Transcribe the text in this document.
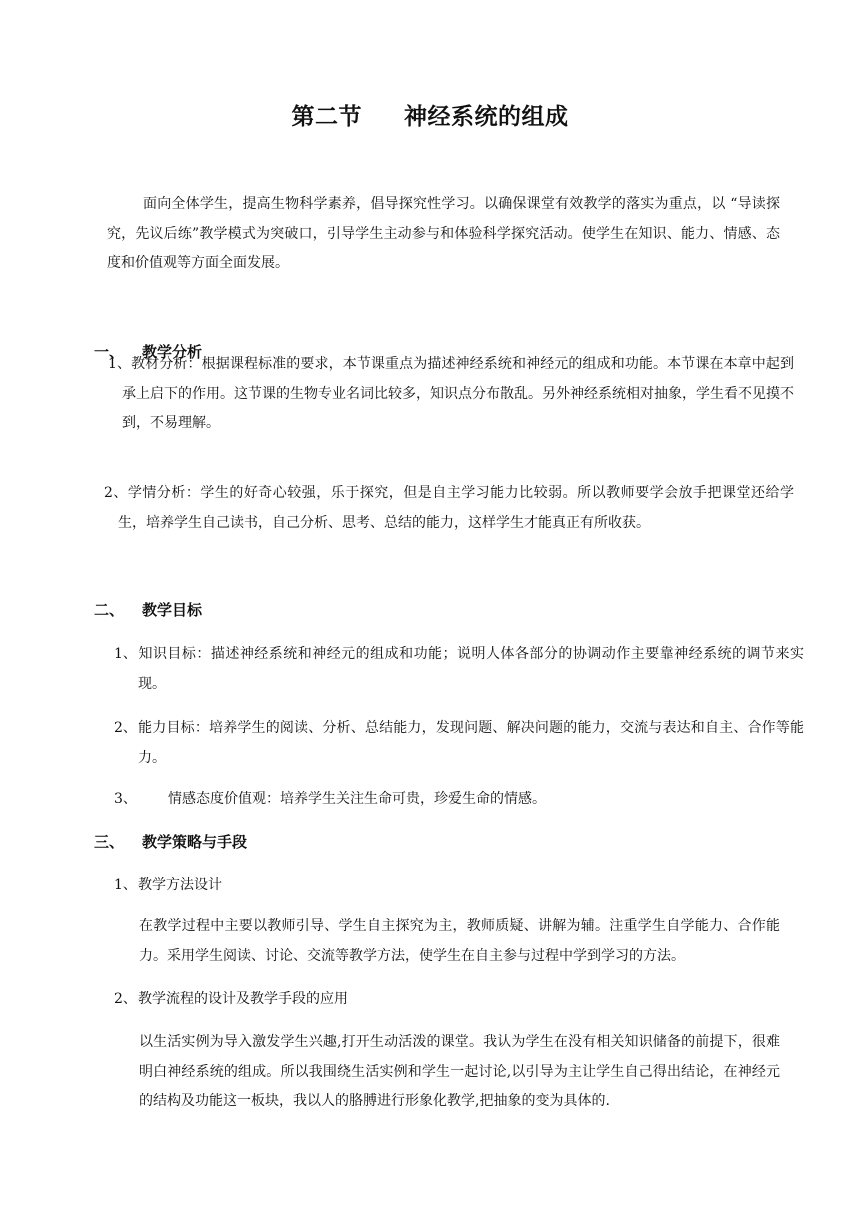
第二节 神经系统的组成
面向全体学生，提高生物科学素养，倡导探究性学习。以确保课堂有效教学的落实为重点，以 “导读探究，先议后练”教学模式为突破口，引导学生主动参与和体验科学探究活动。使学生在知识、能力、情感、态度和价值观等方面全面发展。
一、 教学分析
1、教材分析：根据课程标准的要求，本节课重点为描述神经系统和神经元的组成和功能。本节课在本章中起到承上启下的作用。这节课的生物专业名词比较多，知识点分布散乱。另外神经系统相对抽象，学生看不见摸不到，不易理解。
2、学情分析：学生的好奇心较强，乐于探究，但是自主学习能力比较弱。所以教师要学会放手把课堂还给学生，培养学生自己读书，自己分析、思考、总结的能力，这样学生才能真正有所收获。
二、 教学目标
1、知识目标：描述神经系统和神经元的组成和功能；说明人体各部分的协调动作主要靠神经系统的调节来实现。
2、能力目标：培养学生的阅读、分析、总结能力，发现问题、解决问题的能力，交流与表达和自主、合作等能力。
3、 情感态度价值观：培养学生关注生命可贵，珍爱生命的情感。
三、 教学策略与手段
1、教学方法设计
在教学过程中主要以教师引导、学生自主探究为主，教师质疑、讲解为辅。注重学生自学能力、合作能力。采用学生阅读、讨论、交流等教学方法，使学生在自主参与过程中学到学习的方法。
2、教学流程的设计及教学手段的应用
以生活实例为导入激发学生兴趣,打开生动活泼的课堂。我认为学生在没有相关知识储备的前提下，很难明白神经系统的组成。所以我围绕生活实例和学生一起讨论,以引导为主让学生自己得出结论，在神经元的结构及功能这一板块，我以人的胳膊进行形象化教学,把抽象的变为具体的.
